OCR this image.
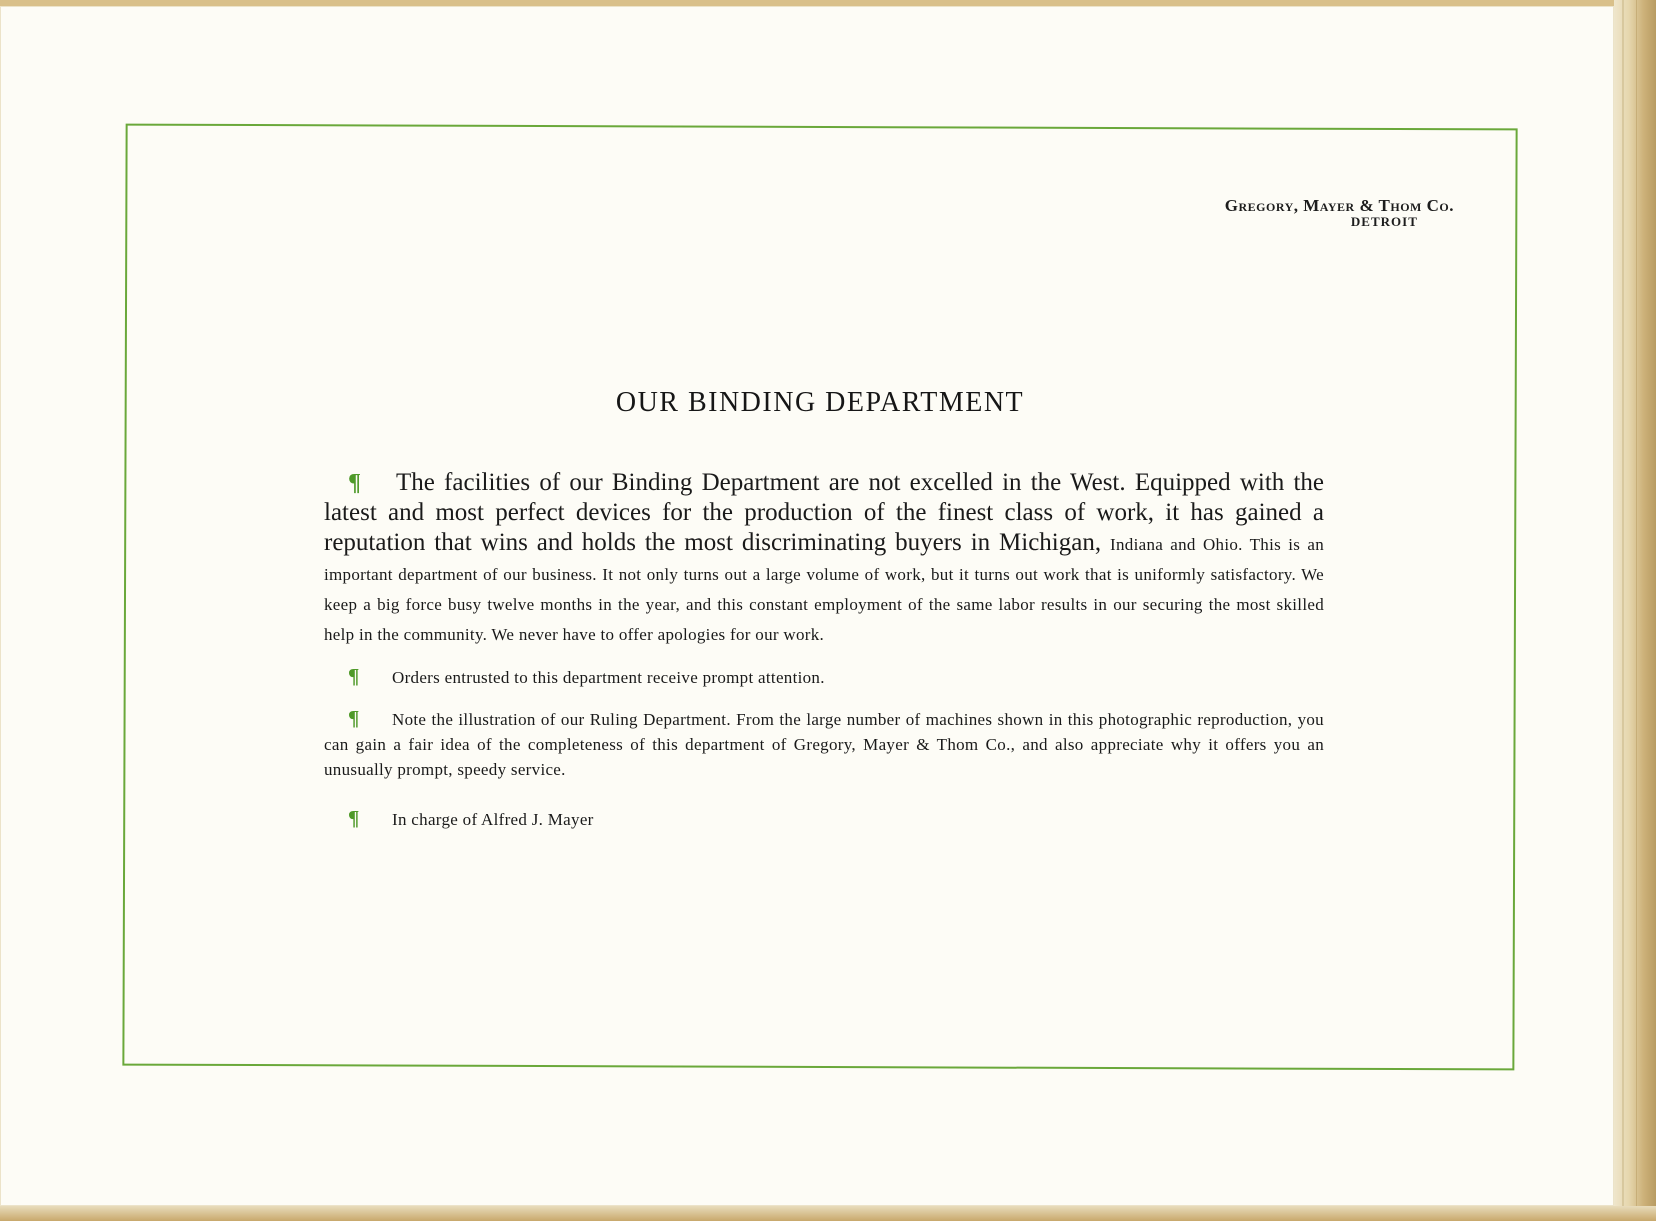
Gregory, Mayer & Thom Co.
DETROIT
OUR BINDING DEPARTMENT

¶ The facilities of our Binding Department are not excelled in the West. Equipped with the latest and most perfect devices for the production of the finest class of work, it has gained a reputation that wins and holds the most discriminating buyers in Michigan, Indiana and Ohio. This is an important department of our business. It not only turns out a large volume of work, but it turns out work that is uniformly satisfactory. We keep a big force busy twelve months in the year, and this constant employment of the same labor results in our securing the most skilled help in the community. We never have to offer apologies for our work.

¶ Orders entrusted to this department receive prompt attention.

¶ Note the illustration of our Ruling Department. From the large number of machines shown in this photographic reproduction, you can gain a fair idea of the completeness of this department of Gregory, Mayer & Thom Co., and also appreciate why it offers you an unusually prompt, speedy service.

¶ In charge of Alfred J. Mayer
